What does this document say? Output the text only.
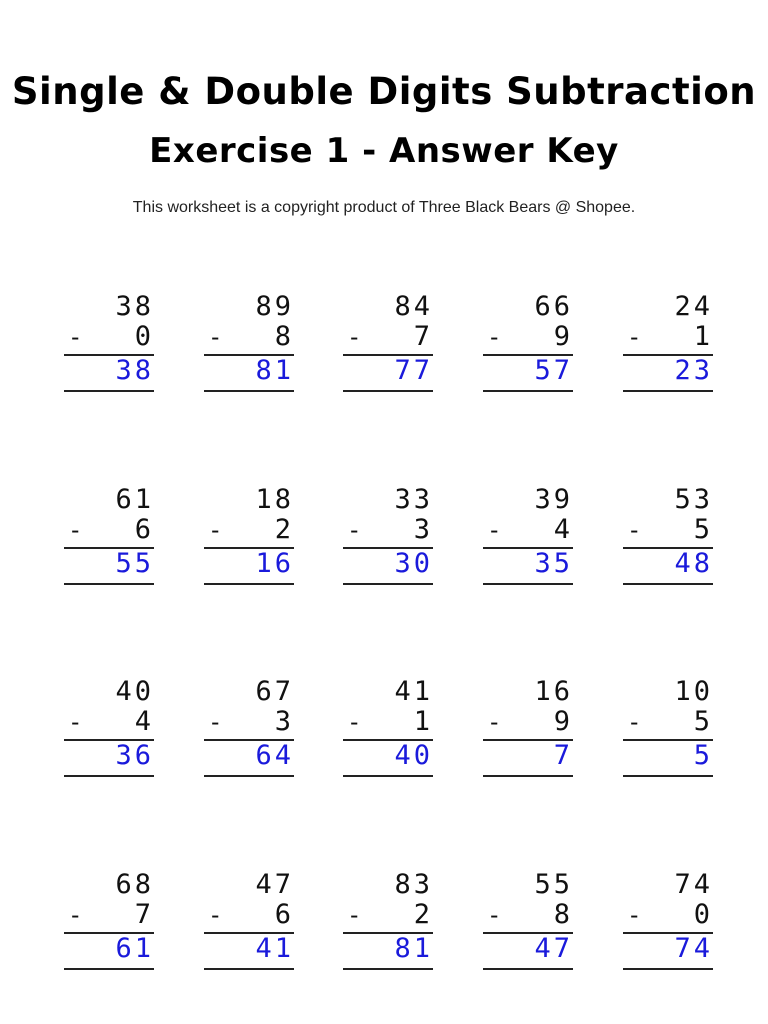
Single & Double Digits Subtraction
Exercise 1 - Answer Key
This worksheet is a copyright product of Three Black Bears @ Shopee.
38
- 0
38
89
- 8
81
84
- 7
77
66
- 9
57
24
- 1
23
61
- 6
55
18
- 2
16
33
- 3
30
39
- 4
35
53
- 5
48
40
- 4
36
67
- 3
64
41
- 1
40
16
- 9
7
10
- 5
5
68
- 7
61
47
- 6
41
83
- 2
81
55
- 8
47
74
- 0
74
